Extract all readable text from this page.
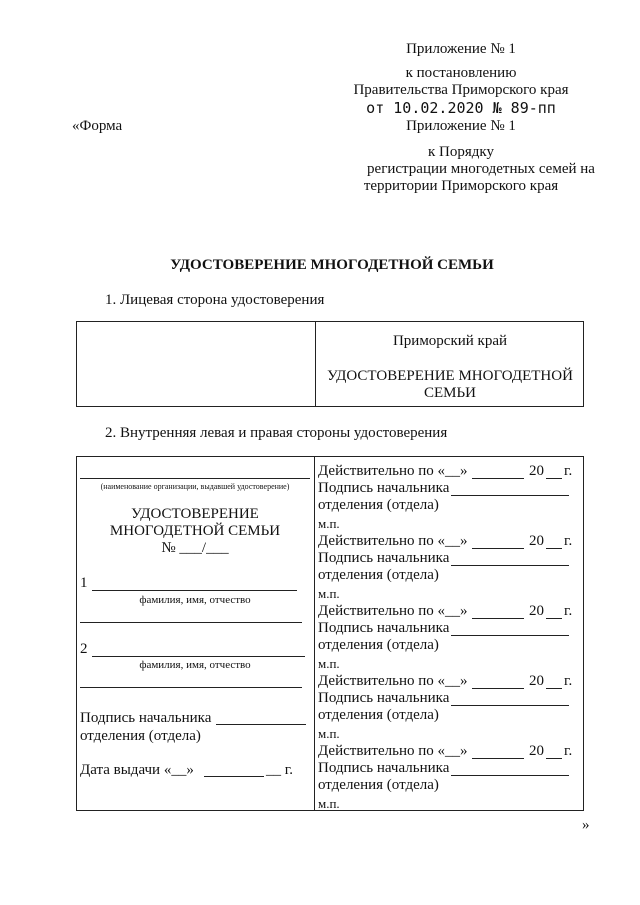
Приложение № 1
к постановлению
Правительства Приморского края
от 10.02.2020 № 89-пп
«Форма	Приложение № 1
к Порядку
регистрации многодетных семей на
территории Приморского края
УДОСТОВЕРЕНИЕ МНОГОДЕТНОЙ СЕМЬИ
1. Лицевая сторона удостоверения
Приморский край
УДОСТОВЕРЕНИЕ МНОГОДЕТНОЙ
СЕМЬИ
2. Внутренняя левая и правая стороны удостоверения
(наименование организации, выдавшей удостоверение)
УДОСТОВЕРЕНИЕ
МНОГОДЕТНОЙ СЕМЬИ
№ ___/___
1
фамилия, имя, отчество
2
фамилия, имя, отчество
Подпись начальника
отделения (отдела)
Дата выдачи «__»	__ г.
Действительно по «__»	20 г.
Подпись начальника
отделения (отдела)
м.п.
Действительно по «__»	20 г.
Подпись начальника
отделения (отдела)
м.п.
Действительно по «__»	20 г.
Подпись начальника
отделения (отдела)
м.п.
Действительно по «__»	20 г.
Подпись начальника
отделения (отдела)
м.п.
Действительно по «__»	20 г.
Подпись начальника
отделения (отдела)
м.п.
»
